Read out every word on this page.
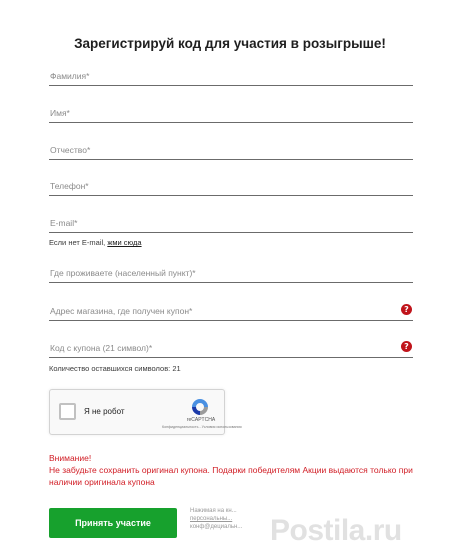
Зарегистрируй код для участия в розыгрыше!
Фамилия*
Имя*
Отчество*
Телефон*
E-mail*
Если нет E-mail, жми сюда
Где проживаете (населенный пункт)*
Адрес магазина, где получен купон*	?
Код с купона (21 символ)*	?
Количество оставшихся символов: 21
Я не робот
reCAPTCHA
Конфиденциальность - Условия использования
Внимание!
Не забудьте сохранить оригинал купона. Подарки победителям Акции выдаются только при наличии оригинала купона
Принять участие
Нажимая на кн...
персональны...
конф@дециальн... Postila.ru
